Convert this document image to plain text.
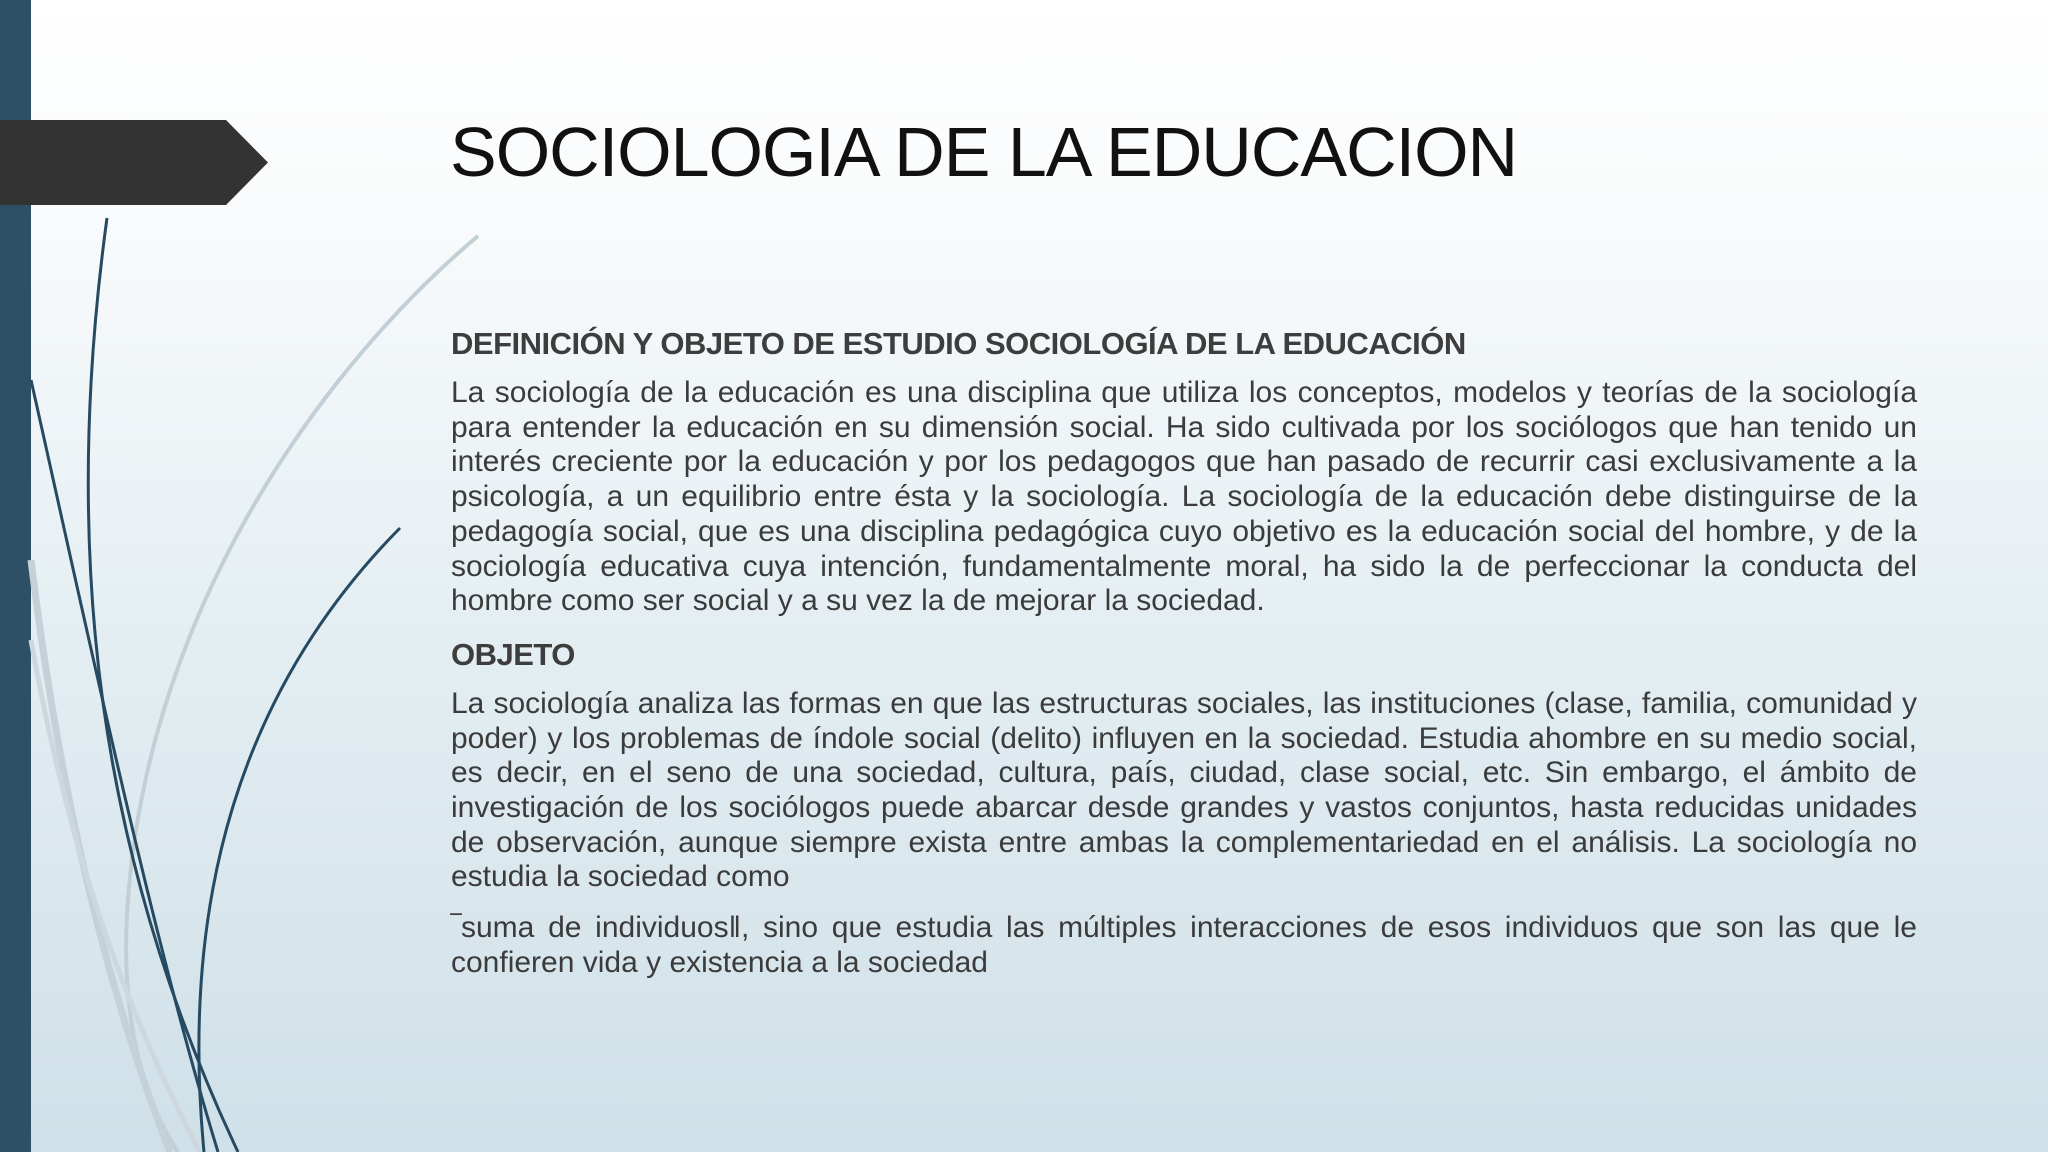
SOCIOLOGIA DE LA EDUCACION

DEFINICIÓN Y OBJETO DE ESTUDIO SOCIOLOGÍA DE LA EDUCACIÓN

La sociología de la educación es una disciplina que utiliza los conceptos, modelos y teorías de la sociología para entender la educación en su dimensión social. Ha sido cultivada por los sociólogos que han tenido un interés creciente por la educación y por los pedagogos que han pasado de recurrir casi exclusivamente a la psicología, a un equilibrio entre ésta y la sociología. La sociología de la educación debe distinguirse de la pedagogía social, que es una disciplina pedagógica cuyo objetivo es la educación social del hombre, y de la sociología educativa cuya intención, fundamentalmente moral, ha sido la de perfeccionar la conducta del hombre como ser social y a su vez la de mejorar la sociedad.

OBJETO

La sociología analiza las formas en que las estructuras sociales, las instituciones (clase, familia, comunidad y poder) y los problemas de índole social (delito) influyen en la sociedad. Estudia ahombre en su medio social, es decir, en el seno de una sociedad, cultura, país, ciudad, clase social, etc. Sin embargo, el ámbito de investigación de los sociólogos puede abarcar desde grandes y vastos conjuntos, hasta reducidas unidades de observación, aunque siempre exista entre ambas la complementariedad en el análisis. La sociología no estudia la sociedad como

‾suma de individuos‖, sino que estudia las múltiples interacciones de esos individuos que son las que le confieren vida y existencia a la sociedad
